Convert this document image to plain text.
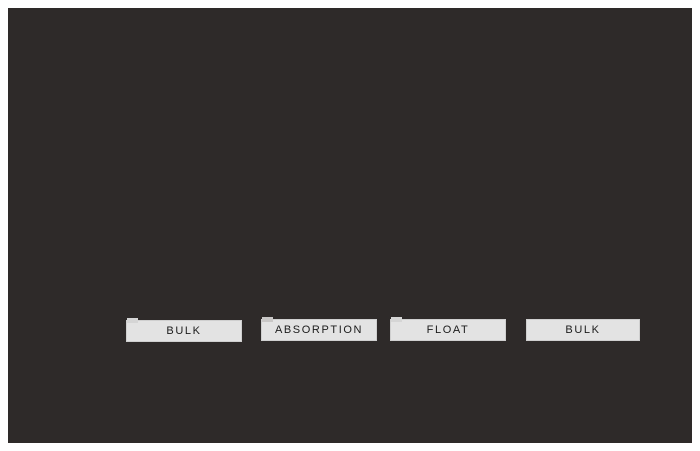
BULK	ABSORPTION	FLOAT	BULK
